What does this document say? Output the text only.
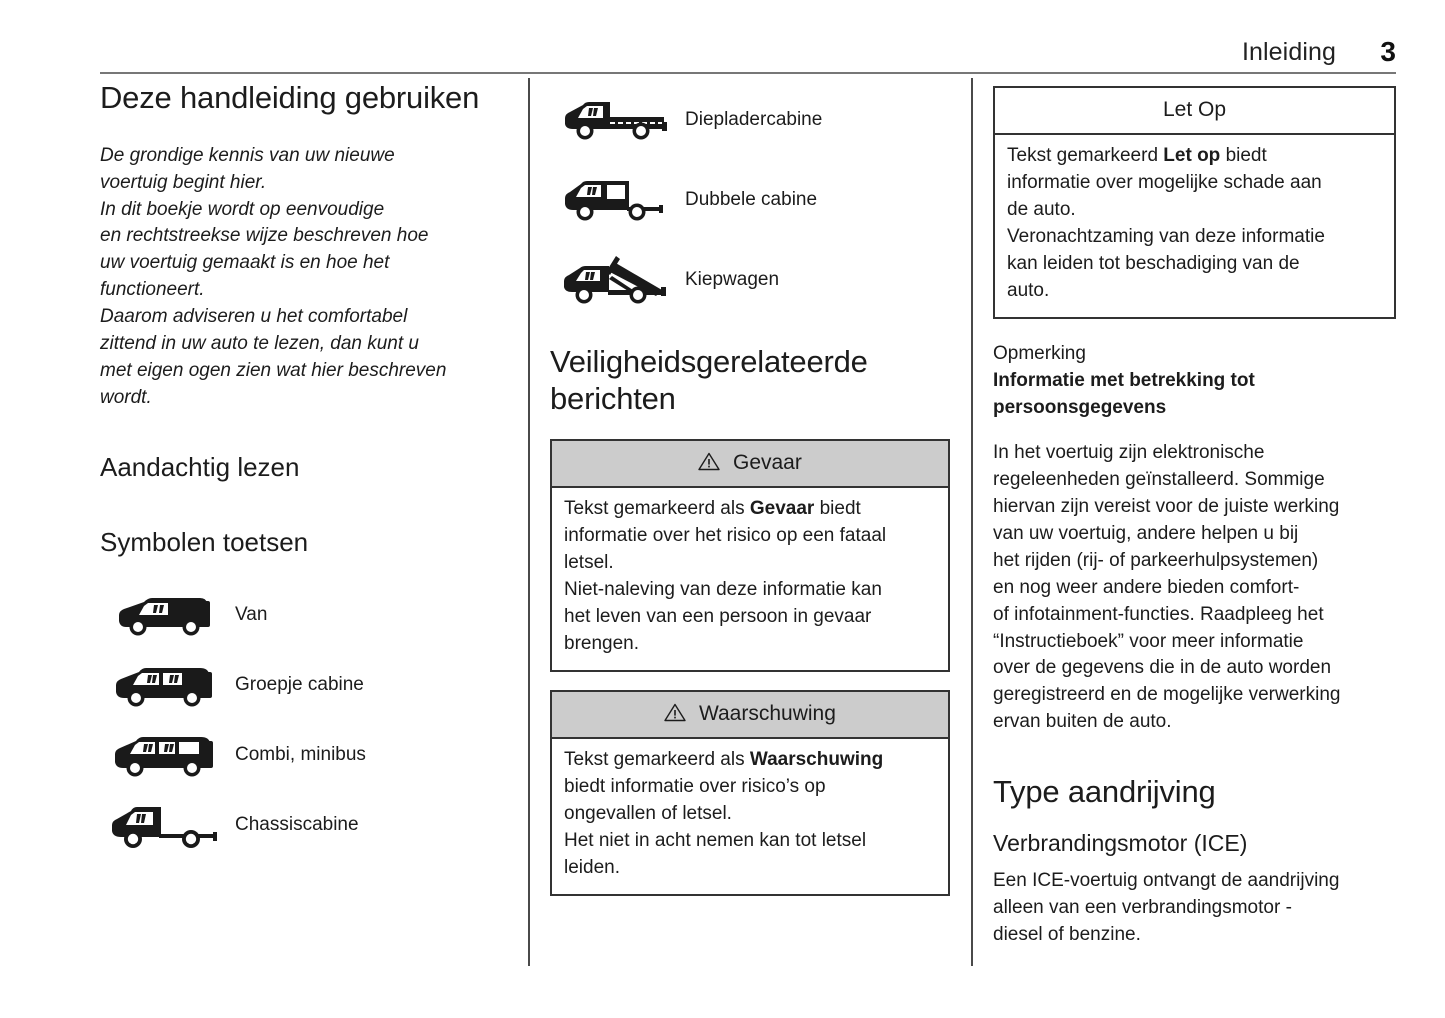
Inleiding 3
Deze handleiding gebruiken

De grondige kennis van uw nieuwe

voertuig begint hier.

In dit boekje wordt op eenvoudige

en rechtstreekse wijze beschreven hoe

uw voertuig gemaakt is en hoe het

functioneert.

Daarom adviseren u het comfortabel

zittend in uw auto te lezen, dan kunt u

met eigen ogen zien wat hier beschreven

wordt.

Aandachtig lezen
Symbolen toetsen
Van
Groepje cabine
Combi, minibus
Chassiscabine
Diepladercabine
Dubbele cabine
Kiepwagen
Veiligheidsgerelateerde berichten
Gevaar

Tekst gemarkeerd als Gevaar biedt

informatie over het risico op een fataal

letsel.

Niet-naleving van deze informatie kan

het leven van een persoon in gevaar

brengen.

Waarschuwing

Tekst gemarkeerd als Waarschuwing

biedt informatie over risico’s op

ongevallen of letsel.

Het niet in acht nemen kan tot letsel

leiden.

Let Op

Tekst gemarkeerd Let op biedt

informatie over mogelijke schade aan

de auto.

Veronachtzaming van deze informatie

kan leiden tot beschadiging van de

auto.

Opmerking

Informatie met betrekking tot

persoonsgegevens

In het voertuig zijn elektronische

regeleenheden geïnstalleerd. Sommige

hiervan zijn vereist voor de juiste werking

van uw voertuig, andere helpen u bij

het rijden (rij- of parkeerhulpsystemen)

en nog weer andere bieden comfort-

of infotainment-functies. Raadpleeg het

“Instructieboek” voor meer informatie

over de gegevens die in de auto worden

geregistreerd en de mogelijke verwerking

ervan buiten de auto.

Type aandrijving
Verbrandingsmotor (ICE)

Een ICE-voertuig ontvangt de aandrijving

alleen van een verbrandingsmotor -

diesel of benzine.
